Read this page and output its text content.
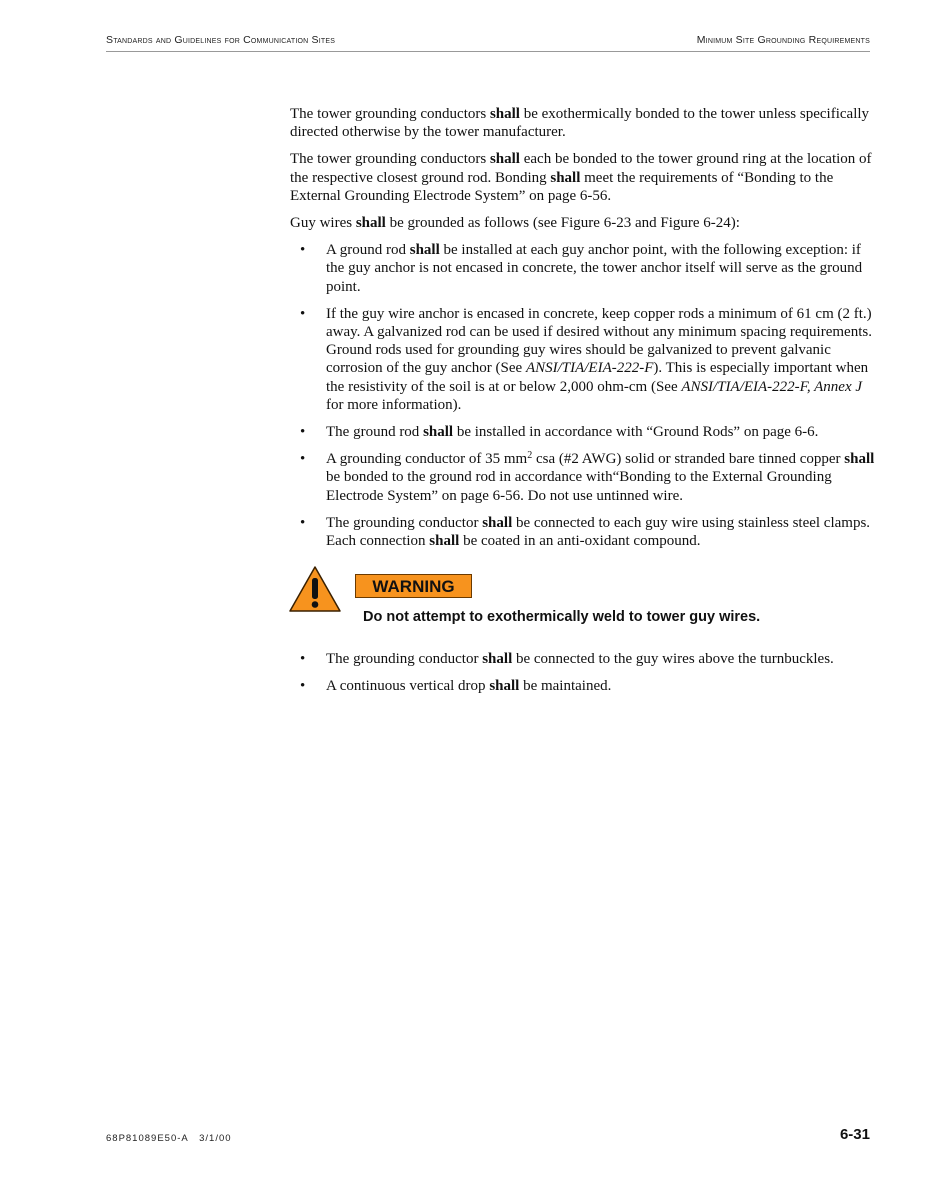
Standards and Guidelines for Communication Sites	Minimum Site Grounding Requirements

The tower grounding conductors shall be exothermically bonded to the tower unless specifically directed otherwise by the tower manufacturer.

The tower grounding conductors shall each be bonded to the tower ground ring at the location of the respective closest ground rod. Bonding shall meet the requirements of “Bonding to the External Grounding Electrode System” on page 6-56.

Guy wires shall be grounded as follows (see Figure 6-23 and Figure 6-24):

• A ground rod shall be installed at each guy anchor point, with the following exception: if the guy anchor is not encased in concrete, the tower anchor itself will serve as the ground point.
• If the guy wire anchor is encased in concrete, keep copper rods a minimum of 61 cm (2 ft.) away. A galvanized rod can be used if desired without any minimum spacing requirements. Ground rods used for grounding guy wires should be galvanized to prevent galvanic corrosion of the guy anchor (See ANSI/TIA/EIA-222-F). This is especially important when the resistivity of the soil is at or below 2,000 ohm-cm (See ANSI/TIA/EIA-222-F, Annex J for more information).
• The ground rod shall be installed in accordance with “Ground Rods” on page 6-6.
• A grounding conductor of 35 $mm^2$ csa (#2 AWG) solid or stranded bare tinned copper shall be bonded to the ground rod in accordance with“Bonding to the External Grounding Electrode System” on page 6-56. Do not use untinned wire.
• The grounding conductor shall be connected to each guy wire using stainless steel clamps. Each connection shall be coated in an anti-oxidant compound.
WARNING
Do not attempt to exothermically weld to tower guy wires.
• The grounding conductor shall be connected to the guy wires above the turnbuckles.
• A continuous vertical drop shall be maintained.
68P81089E50-A   3/1/00	6-31
